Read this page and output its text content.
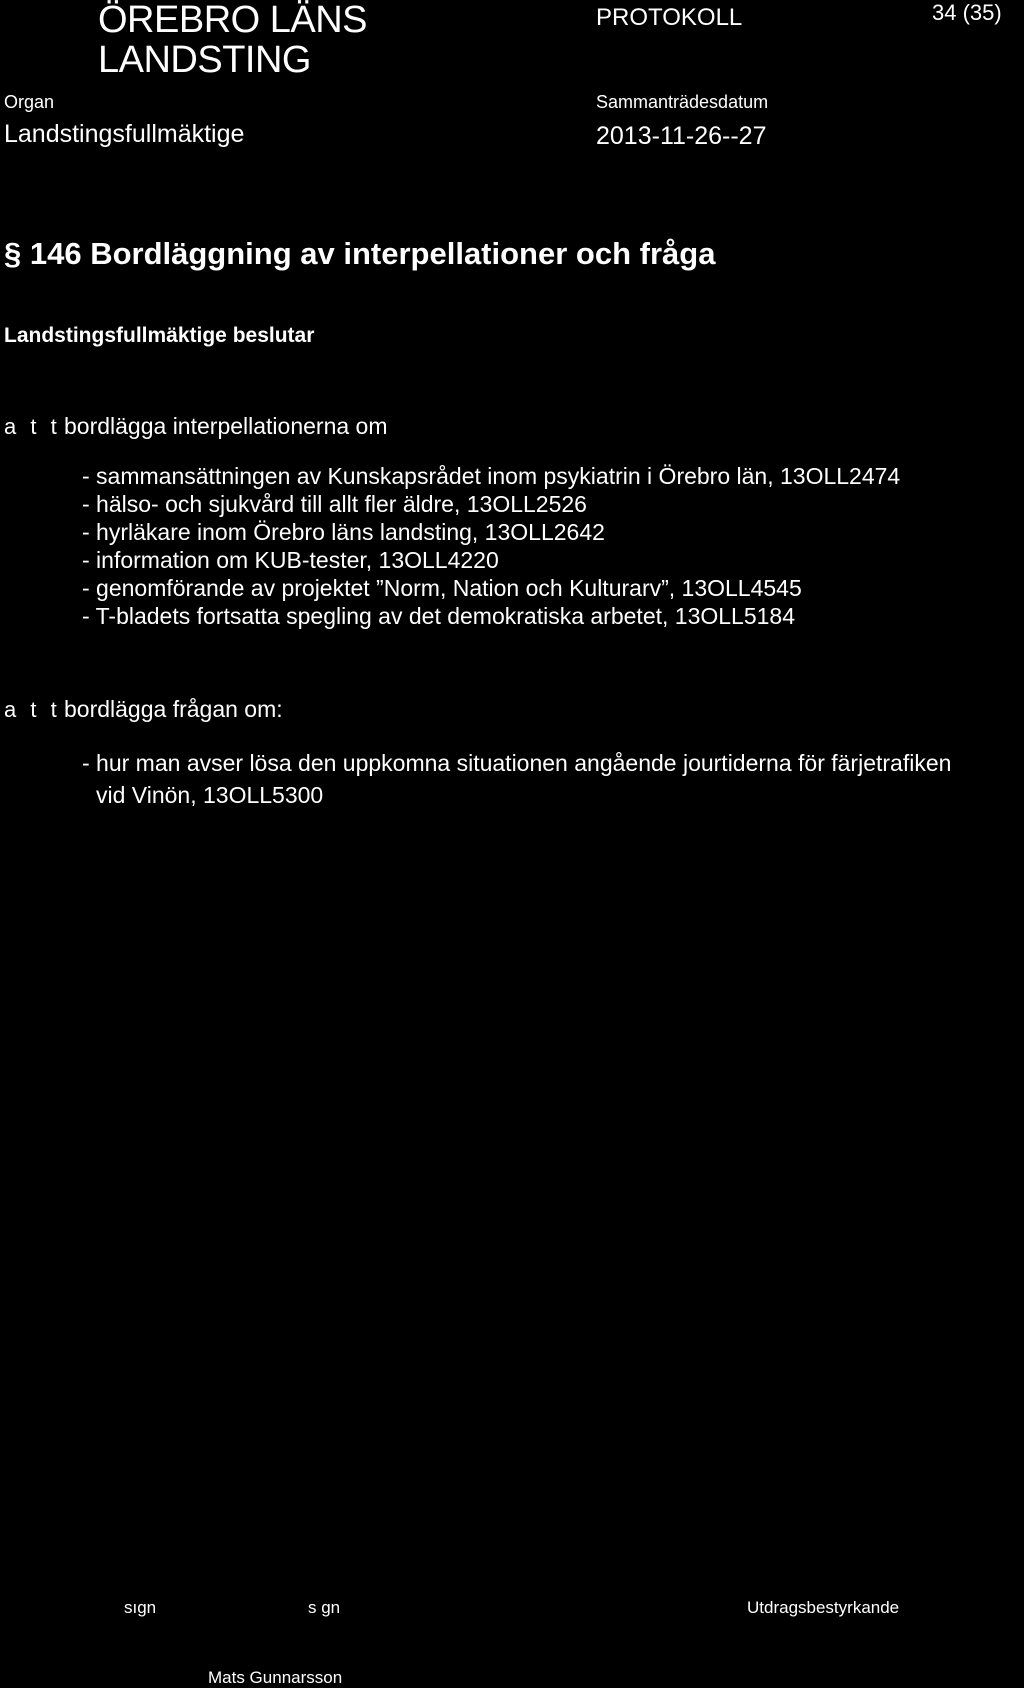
ÖREBRO LÄNS
LANDSTING
PROTOKOLL	34 (35)
Organ
Landstingsfullmäktige
Sammanträdesdatum
2013-11-26--27
§ 146 Bordläggning av interpellationer och fråga
Landstingsfullmäktige beslutar
a t t bordlägga interpellationerna om
- sammansättningen av Kunskapsrådet inom psykiatrin i Örebro län, 13OLL2474
- hälso- och sjukvård till allt fler äldre, 13OLL2526
- hyrläkare inom Örebro läns landsting, 13OLL2642
- information om KUB-tester, 13OLL4220
- genomförande av projektet ”Norm, Nation och Kulturarv”, 13OLL4545
- T-bladets fortsatta spegling av det demokratiska arbetet, 13OLL5184
a t t bordlägga frågan om:
- hur man avser lösa den uppkomna situationen angående jourtiderna för färjetrafiken
vid Vinön, 13OLL5300
sıgn	s gn	Utdragsbestyrkande
Mats Gunnarsson
